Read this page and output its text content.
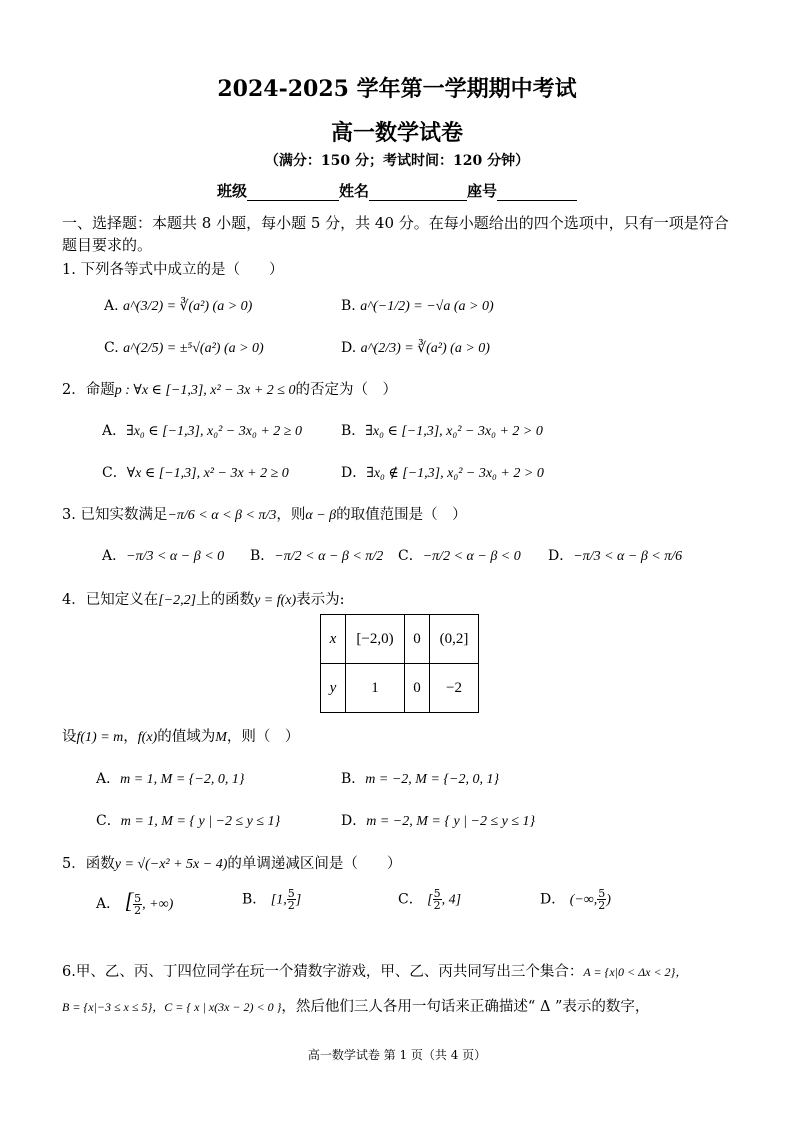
2024-2025 学年第一学期期中考试
高一数学试卷
（满分：150 分；考试时间：120 分钟）
班级	姓名	座号
一、选择题：本题共 8 小题，每小题 5 分，共 40 分。在每小题给出的四个选项中，只有一项是符合题目要求的。
1. 下列各等式中成立的是（　　）
A. a^(3/2) = ∛(a²) (a > 0)	B. a^(−1/2) = −√a (a > 0)
C. a^(2/5) = ±⁵√(a²) (a > 0)	D. a^(2/3) = ∛(a²) (a > 0)
2．命题p : ∀x ∈ [−1,3], x² − 3x + 2 ≤ 0的否定为（　）
A．∃x₀ ∈ [−1,3], x₀² − 3x₀ + 2 ≥ 0	B．∃x₀ ∈ [−1,3], x₀² − 3x₀ + 2 > 0
C．∀x ∈ [−1,3], x² − 3x + 2 ≥ 0	D．∃x₀ ∉ [−1,3], x₀² − 3x₀ + 2 > 0
3. 已知实数满足−π/6 < α < β < π/3，则α − β的取值范围是（　）
A．−π/3 < α − β < 0 B．−π/2 < α − β < π/2 C．−π/2 < α − β < 0 D．−π/3 < α − β < π/6
4．已知定义在[−2,2]上的函数y = f(x)表示为:
x	[−2,0)	0	(0,2]
y	1	0	−2
设f(1) = m，f(x)的值域为M，则（　）
A．m = 1, M = {−2, 0, 1}	B．m = −2, M = {−2, 0, 1}
C．m = 1, M = { y | −2 ≤ y ≤ 1}	D．m = −2, M = { y | −2 ≤ y ≤ 1}
5．函数y = √(−x² + 5x − 4)的单调递减区间是（　　）
A． [ $\frac{5}{2}$ , +∞)	B． [1, $\frac{5}{2}$ ]	C． [ $\frac{5}{2}$ , 4]	D． (−∞, $\frac{5}{2}$ )
6.甲、乙、丙、丁四位同学在玩一个猜数字游戏，甲、乙、丙共同写出三个集合：A = {x|0 < Δx < 2}，
B = {x|−3 ≤ x ≤ 5}，C = { x | x(3x − 2) < 0 }，然后他们三人各用一句话来正确描述“ Δ ”表示的数字，
高一数学试卷 第 1 页（共 4 页）
